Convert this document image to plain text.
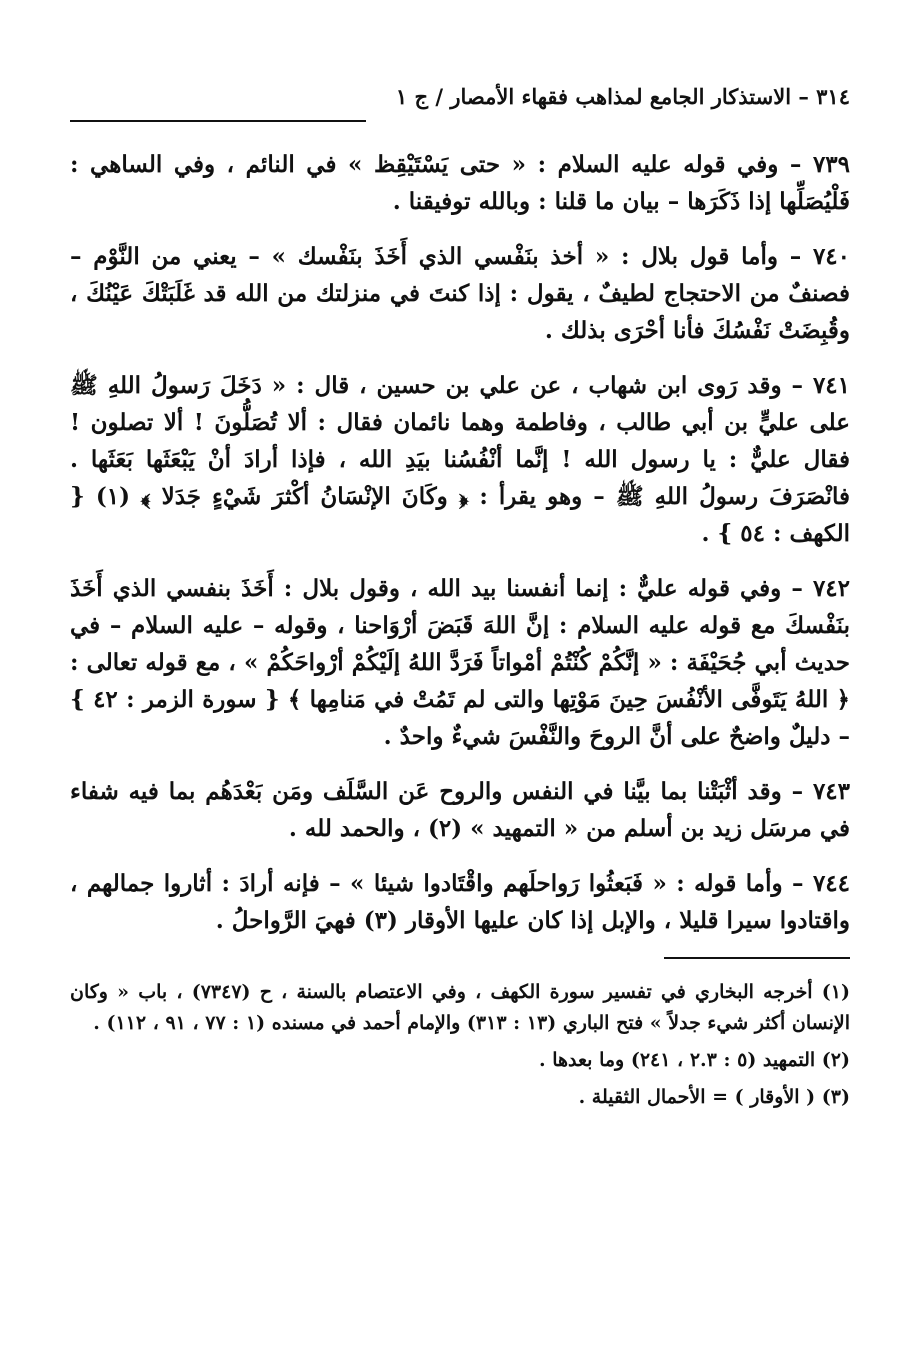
٣١٤ – الاستذكار الجامع لمذاهب فقهاء الأمصار / ج ١

٧٣٩ – وفي قوله عليه السلام : « حتى يَسْتَيْقِظ » في النائم ، وفي الساهي : فَلْيُصَلِّها إذا ذَكَرَها – بيان ما قلنا : وبالله توفيقنا .

٧٤٠ – وأما قول بلال : « أخذ بنَفْسي الذي أَخَذَ بنَفْسك » – يعني من النَّوْم – فصنفٌ من الاحتجاج لطيفٌ ، يقول : إذا كنتَ في منزلتك من الله قد غَلَبَتْكَ عَيْنُكَ ، وقُبِضَتْ نَفْسُكَ فأنا أحْرَى بذلك .

٧٤١ – وقد رَوى ابن شهاب ، عن علي بن حسين ، قال : « دَخَلَ رَسولُ اللهِ ﷺ على عليٍّ بن أبي طالب ، وفاطمة وهما نائمان فقال : ألا تُصَلُّونَ ! ألا تصلون ! فقال عليٌّ : يا رسول الله ! إنَّما أنْفُسُنا بيَدِ الله ، فإذا أرادَ أنْ يَبْعَثَها بَعَثَها . فانْصَرَفَ رسولُ اللهِ ﷺ – وهو يقرأ : ﴿ وكَانَ الإنْسَانُ أكْثرَ شَيْءٍ جَدَلا ﴾ (١) { الكهف : ٥٤ } .

٧٤٢ – وفي قوله عليٌّ : إنما أنفسنا بيد الله ، وقول بلال : أَخَذَ بنفسي الذي أَخَذَ بنَفْسكَ مع قوله عليه السلام : إنَّ اللهَ قَبَضَ أرْوَاحنا ، وقوله – عليه السلام – في حديث أبي جُحَيْفَة : « إنَّكُمْ كُنْتُمْ أمْواتاً فَرَدَّ اللهُ إلَيْكُمْ أرْواحَكُمْ » ، مع قوله تعالى : ﴿ اللهُ يَتَوفَّى الأنْفُسَ حِينَ مَوْتِها والتى لم تَمُتْ في مَنامِها ﴾ { سورة الزمر : ٤٢ } – دليلٌ واضحٌ على أنَّ الروحَ والنَّفْسَ شيءٌ واحدٌ .

٧٤٣ – وقد أثْبَتْنا بما بيَّنا في النفس والروح عَن السَّلَف ومَن بَعْدَهُم بما فيه شفاء في مرسَل زيد بن أسلم من « التمهيد » (٢) ، والحمد لله .

٧٤٤ – وأما قوله : « فَبَعثُوا رَواحلَهم واقْتَادوا شيئا » – فإنه أرادَ : أثاروا جمالهم ، واقتادوا سيرا قليلا ، والإبل إذا كان عليها الأوقار (٣) فهيَ الرَّواحلُ .

(١) أخرجه البخاري في تفسير سورة الكهف ، وفي الاعتصام بالسنة ، ح (٧٣٤٧) ، باب « وكان الإنسان أكثر شيء جدلاً » فتح الباري (١٣ : ٣١٣) والإمام أحمد في مسنده (١ : ٧٧ ، ٩١ ، ١١٢) .

(٢) التمهيد (٥ : ٢.٣ ، ٢٤١) وما بعدها .

(٣) ( الأوقار ) = الأحمال الثقيلة .
